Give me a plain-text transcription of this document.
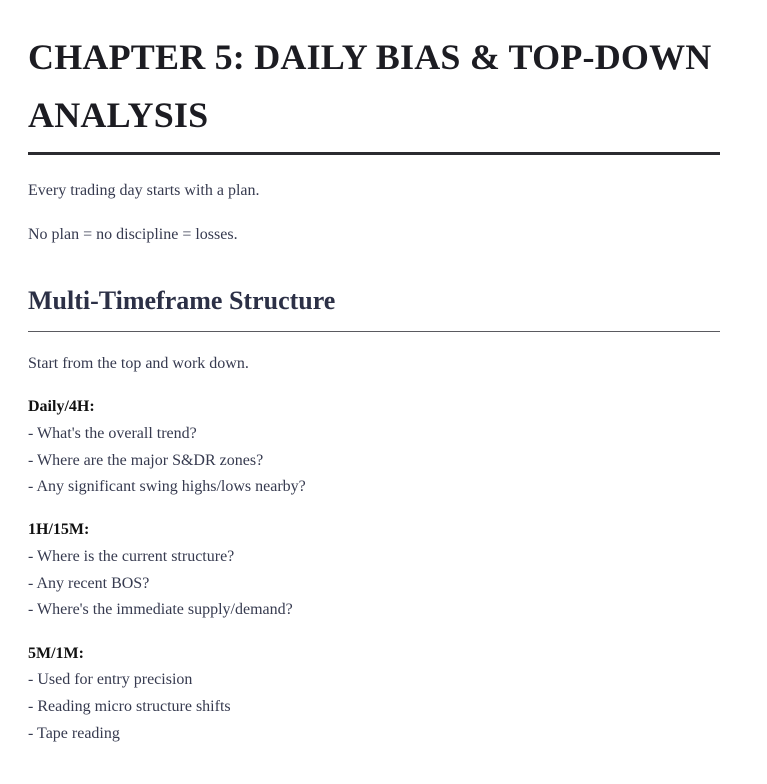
CHAPTER 5: DAILY BIAS & TOP-DOWN ANALYSIS

Every trading day starts with a plan.

No plan = no discipline = losses.

Multi-Timeframe Structure

Start from the top and work down.

Daily/4H:

- What's the overall trend?

- Where are the major S&DR zones?

- Any significant swing highs/lows nearby?

1H/15M:

- Where is the current structure?

- Any recent BOS?

- Where's the immediate supply/demand?

5M/1M:

- Used for entry precision

- Reading micro structure shifts

- Tape reading
